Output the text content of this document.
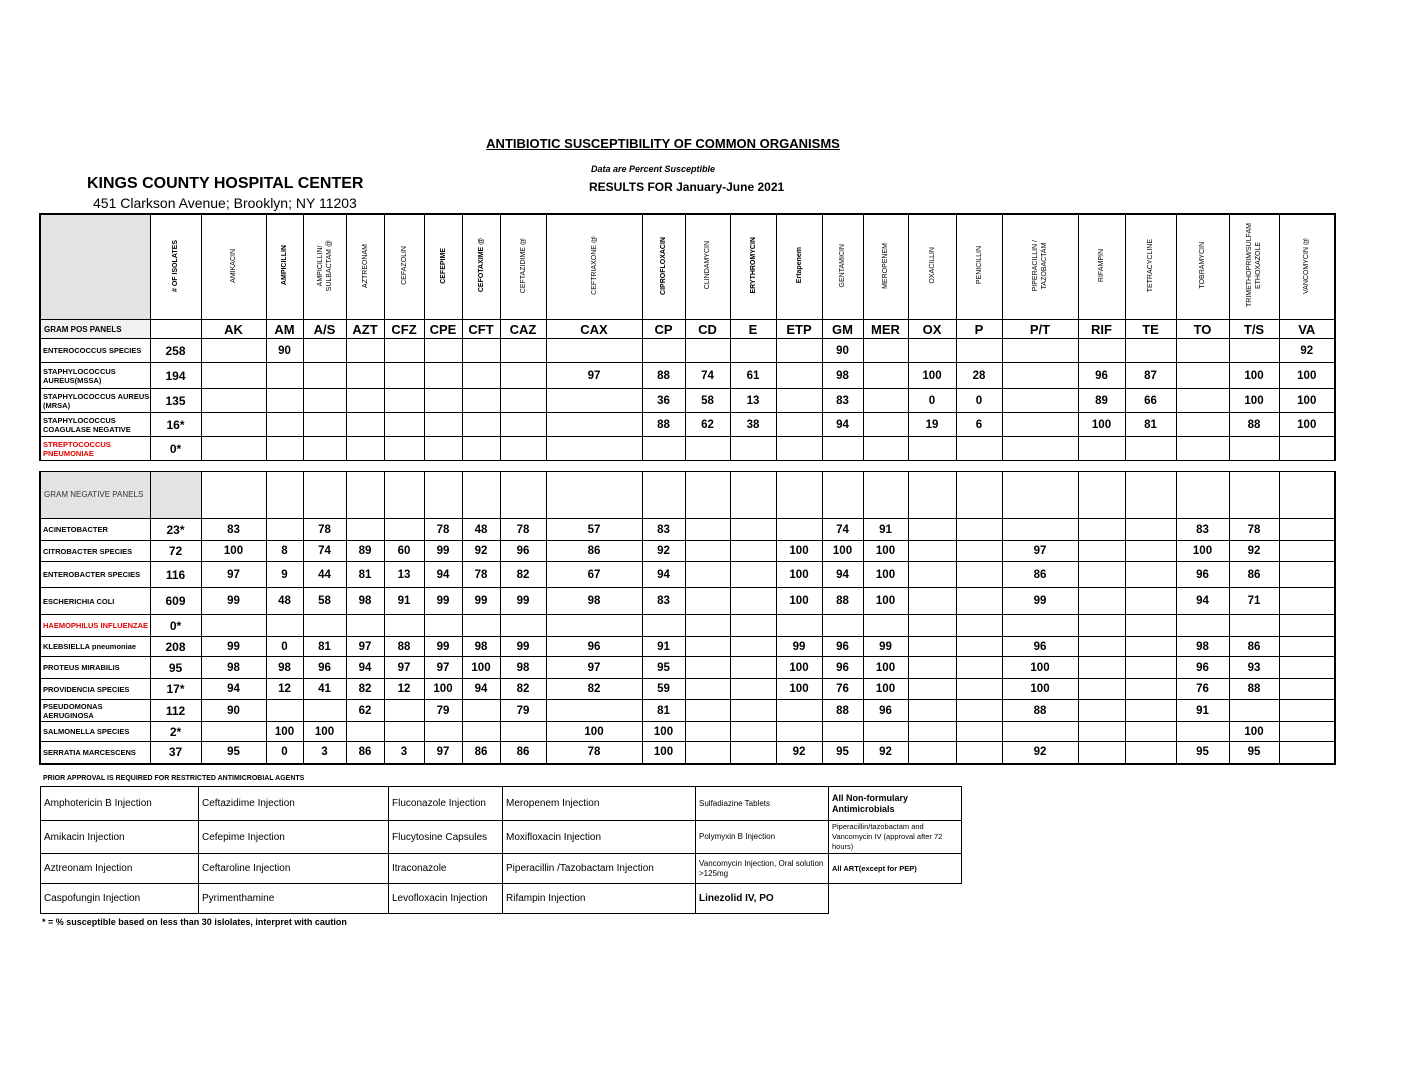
ANTIBIOTIC SUSCEPTIBILITY OF COMMON ORGANISMS
Data are Percent Susceptible
KINGS COUNTY HOSPITAL CENTER
451 Clarkson Avenue; Brooklyn; NY 11203
RESULTS FOR January-June 2021
	# OF ISOLATES	AMIKACIN	AMPICILLIN	AMPICILLIN/
SULBACTAM @	AZTREONAM	CEFAZOLIN	CEFEPIME	CEFOTAXIME @	CEFTAZIDIME @	CEFTRIAXONE @	CIPROFLOXACIN	CLINDAMYCIN	ERYTHROMYCIN	Ertapenem	GENTAMICIN	MEROPENEM	OXACILLIN	PENICILLIN	PIPERACILLIN /
TAZOBACTAM	RIFAMPIN	TETRACYCLINE	TOBRAMYCIN	TRIMETHOPRIM/SULFAM
ETHOXAZOLE	VANCOMYCIN @
GRAM POS PANELS		AK	AM	A/S	AZT	CFZ	CPE	CFT	CAZ	CAX	CP	CD	E	ETP	GM	MER	OX	P	P/T	RIF	TE	TO	T/S	VA
ENTEROCOCCUS SPECIES	258		90												90									92
STAPHYLOCOCCUS AUREUS(MSSA)	194									97	88	74	61		98		100	28		96	87		100	100
STAPHYLOCOCCUS AUREUS (MRSA)	135										36	58	13		83		0	0		89	66		100	100
STAPHYLOCOCCUS COAGULASE NEGATIVE	16*										88	62	38		94		19	6		100	81		88	100
STREPTOCOCCUS PNEUMONIAE	0*																							

GRAM NEGATIVE PANELS																								
ACINETOBACTER	23*	83		78			78	48	78	57	83				74	91						83	78	
CITROBACTER SPECIES	72	100	8	74	89	60	99	92	96	86	92			100	100	100			97			100	92	
ENTEROBACTER SPECIES	116	97	9	44	81	13	94	78	82	67	94			100	94	100			86			96	86	
ESCHERICHIA COLI	609	99	48	58	98	91	99	99	99	98	83			100	88	100			99			94	71	
HAEMOPHILUS INFLUENZAE	0*																							
KLEBSIELLA pneumoniae	208	99	0	81	97	88	99	98	99	96	91			99	96	99			96			98	86	
PROTEUS MIRABILIS	95	98	98	96	94	97	97	100	98	97	95			100	96	100			100			96	93	
PROVIDENCIA SPECIES	17*	94	12	41	82	12	100	94	82	82	59			100	76	100			100			76	88	
PSEUDOMONAS AERUGINOSA	112	90			62		79		79		81				88	96			88			91		
SALMONELLA SPECIES	2*		100	100						100	100												100	
SERRATIA MARCESCENS	37	95	0	3	86	3	97	86	86	78	100			92	95	92			92			95	95	
PRIOR APPROVAL IS REQUIRED FOR RESTRICTED ANTIMICROBIAL AGENTS
Amphotericin B Injection	Ceftazidime Injection	Fluconazole Injection	Meropenem Injection	Sulfadiazine Tablets	All Non-formulary Antimicrobials
Amikacin Injection	Cefepime Injection	Flucytosine Capsules	Moxifloxacin Injection	Polymyxin B Injection	Piperacillin/tazobactam and Vancomycin IV (approval after 72 hours)
Aztreonam Injection	Ceftaroline Injection	Itraconazole	Piperacillin /Tazobactam Injection	Vancomycin Injection, Oral solution >125mg	All ART(except for PEP)
Caspofungin Injection	Pyrimenthamine	Levofloxacin Injection	Rifampin Injection	Linezolid IV, PO	
* = % susceptible based on less than 30 islolates, interpret with caution
